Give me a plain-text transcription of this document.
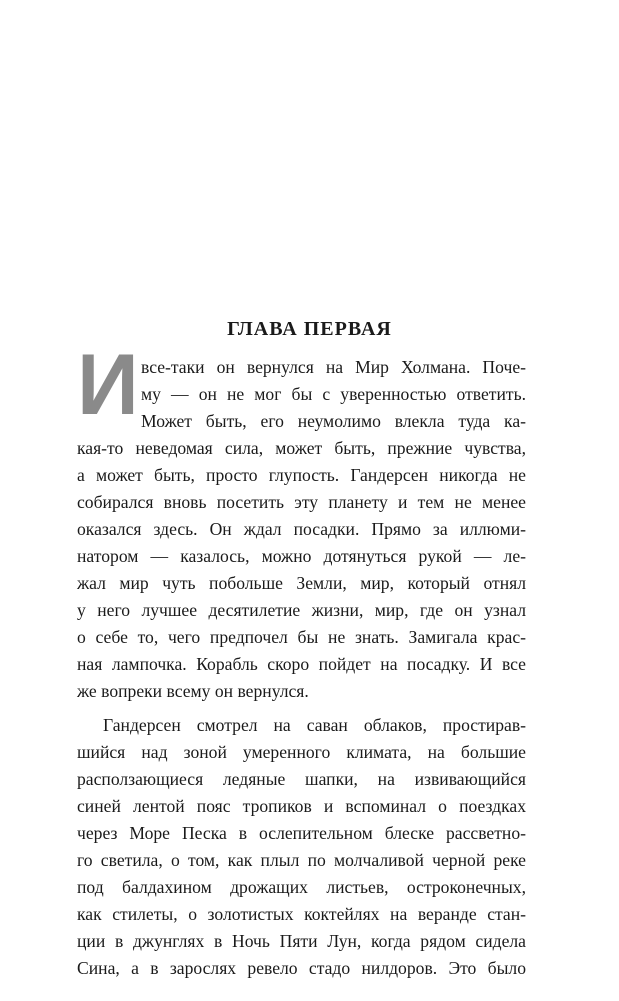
ГЛАВА ПЕРВАЯ
И все-таки он вернулся на Мир Холмана. Поче-
му — он не мог бы с уверенностью ответить.
Может быть, его неумолимо влекла туда ка-
кая-то неведомая сила, может быть, прежние чувства,
а может быть, просто глупость. Гандерсен никогда не
собирался вновь посетить эту планету и тем не менее
оказался здесь. Он ждал посадки. Прямо за иллюми-
натором — казалось, можно дотянуться рукой — ле-
жал мир чуть побольше Земли, мир, который отнял
у него лучшее десятилетие жизни, мир, где он узнал
о себе то, чего предпочел бы не знать. Замигала крас-
ная лампочка. Корабль скоро пойдет на посадку. И все
же вопреки всему он вернулся.
Гандерсен смотрел на саван облаков, простирав-
шийся над зоной умеренного климата, на большие
расползающиеся ледяные шапки, на извивающийся
синей лентой пояс тропиков и вспоминал о поездках
через Море Песка в ослепительном блеске рассветно-
го светила, о том, как плыл по молчаливой черной реке
под балдахином дрожащих листьев, остроконечных,
как стилеты, о золотистых коктейлях на веранде стан-
ции в джунглях в Ночь Пяти Лун, когда рядом сидела
Сина, а в зарослях ревело стадо нилдоров. Это было
